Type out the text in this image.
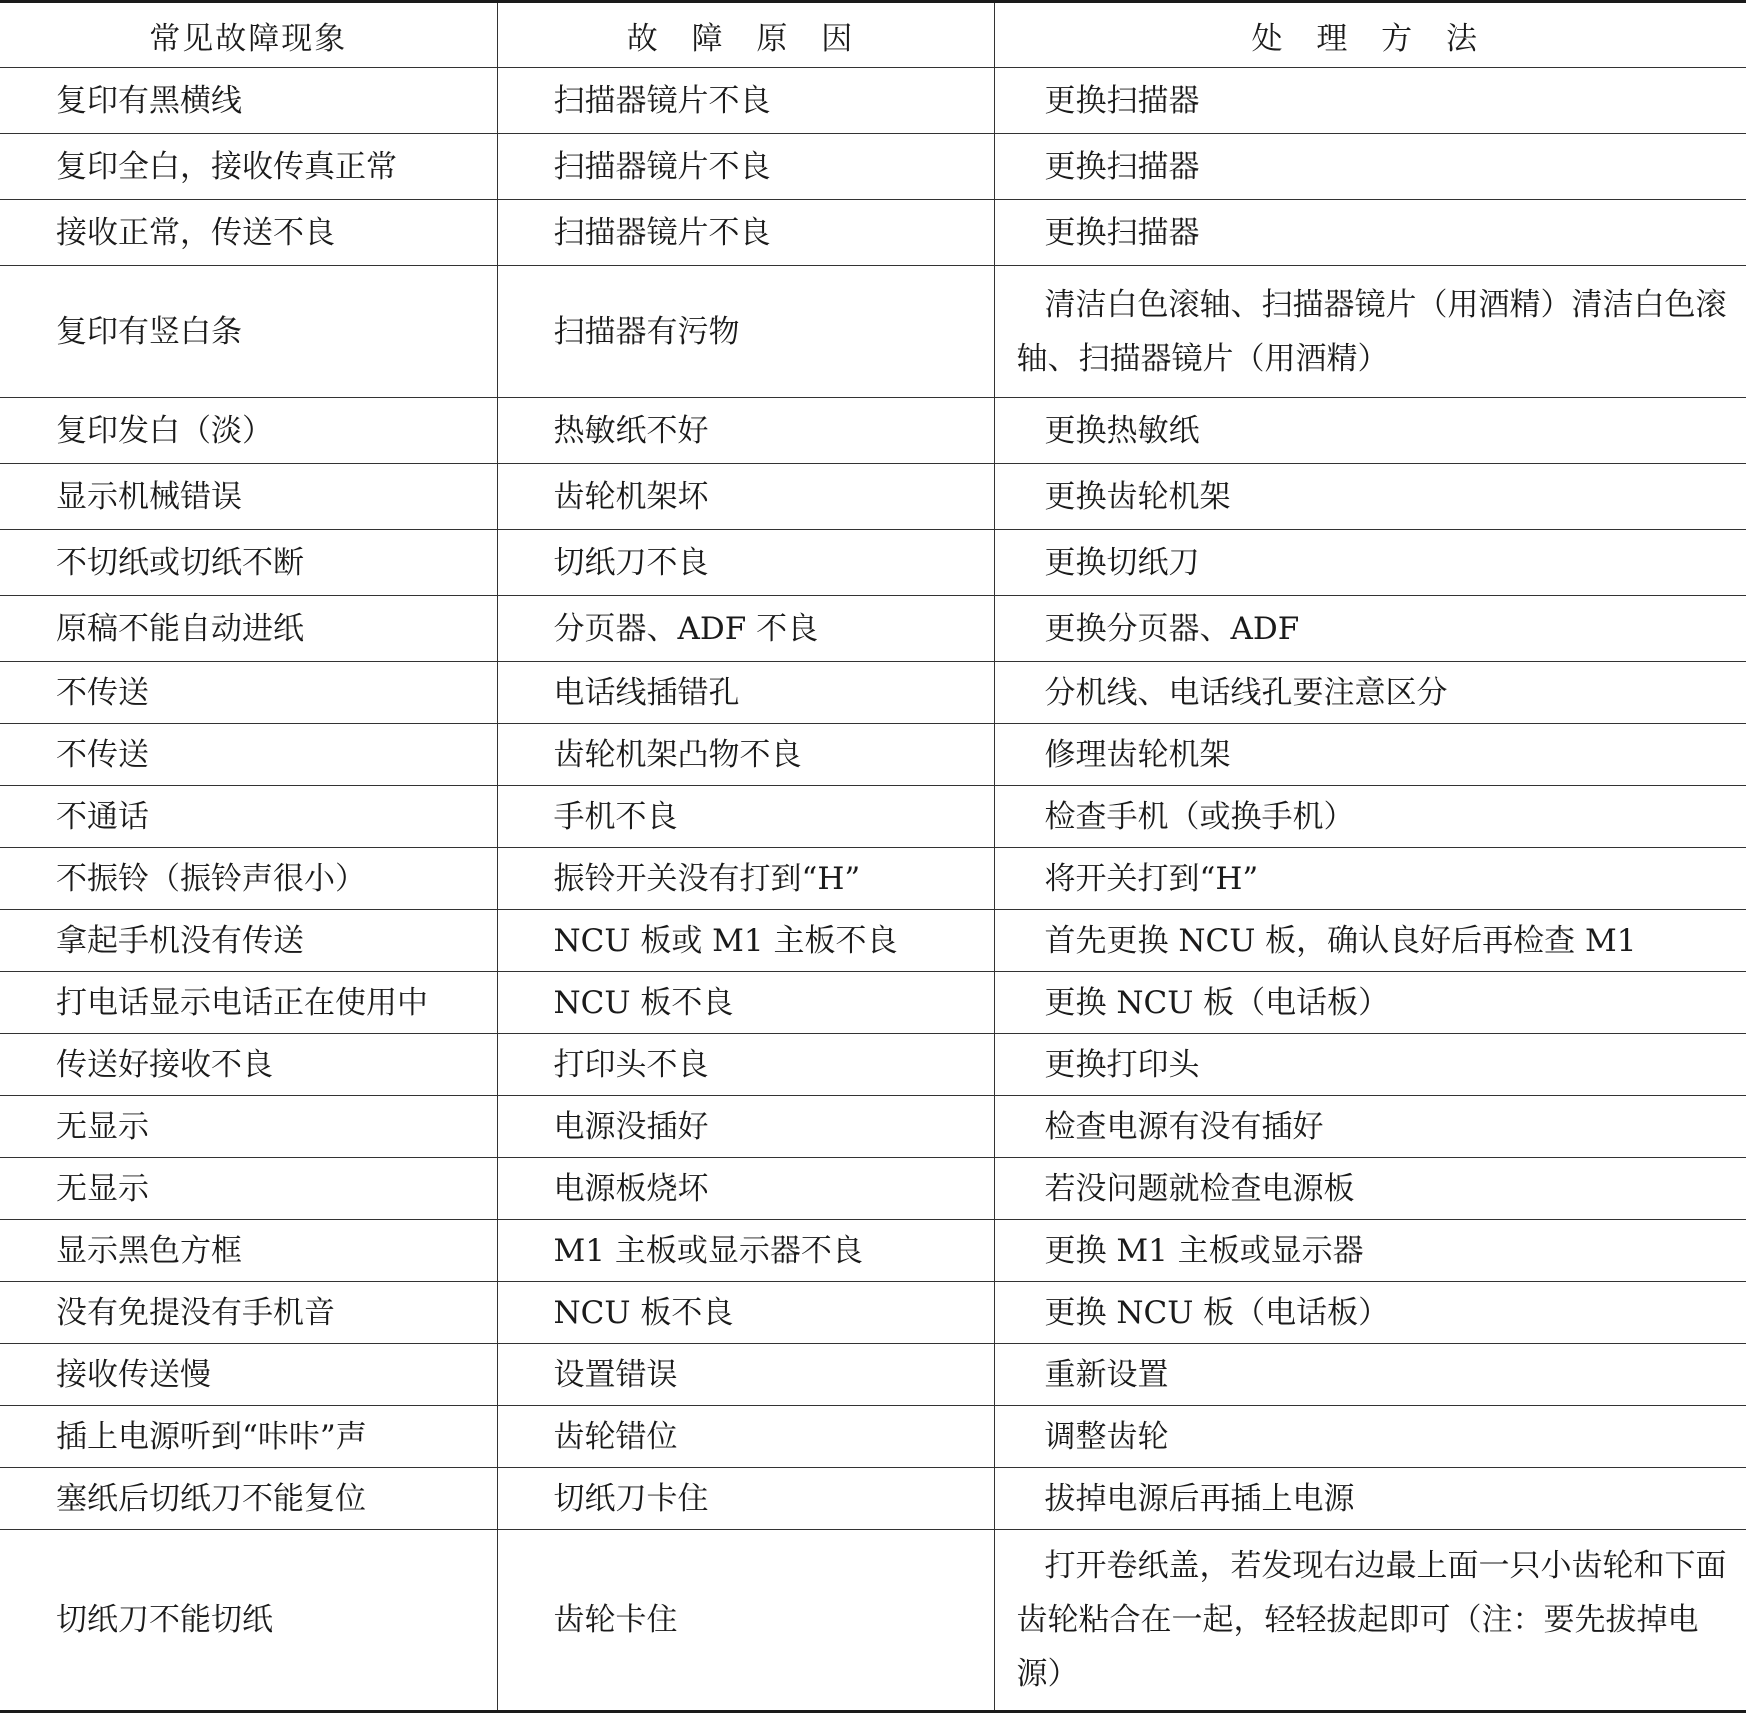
常见故障现象	故 障 原 因	处 理 方 法
复印有黑横线	扫描器镜片不良	更换扫描器
复印全白，接收传真正常	扫描器镜片不良	更换扫描器
接收正常，传送不良	扫描器镜片不良	更换扫描器
复印有竖白条	扫描器有污物	清洁白色滚轴、扫描器镜片（用酒精）清洁白色滚轴、扫描器镜片（用酒精）
复印发白（淡）	热敏纸不好	更换热敏纸
显示机械错误	齿轮机架坏	更换齿轮机架
不切纸或切纸不断	切纸刀不良	更换切纸刀
原稿不能自动进纸	分页器、ADF 不良	更换分页器、ADF
不传送	电话线插错孔	分机线、电话线孔要注意区分
不传送	齿轮机架凸物不良	修理齿轮机架
不通话	手机不良	检查手机（或换手机）
不振铃（振铃声很小）	振铃开关没有打到“H”	将开关打到“H”
拿起手机没有传送	NCU 板或 M1 主板不良	首先更换 NCU 板，确认良好后再检查 M1
打电话显示电话正在使用中	NCU 板不良	更换 NCU 板（电话板）
传送好接收不良	打印头不良	更换打印头
无显示	电源没插好	检查电源有没有插好
无显示	电源板烧坏	若没问题就检查电源板
显示黑色方框	M1 主板或显示器不良	更换 M1 主板或显示器
没有免提没有手机音	NCU 板不良	更换 NCU 板（电话板）
接收传送慢	设置错误	重新设置
插上电源听到“咔咔”声	齿轮错位	调整齿轮
塞纸后切纸刀不能复位	切纸刀卡住	拔掉电源后再插上电源
切纸刀不能切纸	齿轮卡住	打开卷纸盖，若发现右边最上面一只小齿轮和下面齿轮粘合在一起，轻轻拔起即可（注：要先拔掉电源）
